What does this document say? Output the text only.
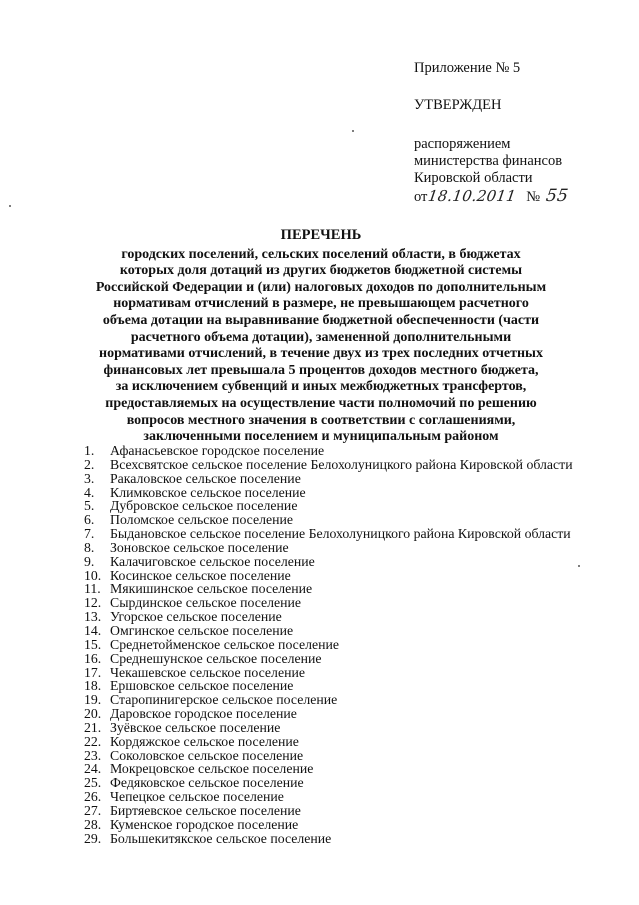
Приложение № 5
УТВЕРЖДЕН
распоряжением
министерства финансов
Кировской области
от 18.10.2011 № 55
ПЕРЕЧЕНЬ
городских поселений, сельских поселений области, в бюджетах
которых доля дотаций из других бюджетов бюджетной системы
Российской Федерации и (или) налоговых доходов по дополнительным
нормативам отчислений в размере, не превышающем расчетного
объема дотации на выравнивание бюджетной обеспеченности (части
расчетного объема дотации), замененной дополнительными
нормативами отчислений, в течение двух из трех последних отчетных
финансовых лет превышала 5 процентов доходов местного бюджета,
за исключением субвенций и иных межбюджетных трансфертов,
предоставляемых на осуществление части полномочий по решению
вопросов местного значения в соответствии с соглашениями,
заключенными поселением и муниципальным районом
1.	Афанасьевское городское поселение
2.	Всехсвятское сельское поселение Белохолуницкого района Кировской области
3.	Ракаловское сельское поселение
4.	Климковское сельское поселение
5.	Дубровское сельское поселение
6.	Поломское сельское поселение
7.	Быдановское сельское поселение Белохолуницкого района Кировской области
8.	Зоновское сельское поселение
9.	Калачиговское сельское поселение
10. Косинское сельское поселение
11. Мякишинское сельское поселение
12. Сырдинское сельское поселение
13. Угорское сельское поселение
14. Омгинское сельское поселение
15. Среднетойменское сельское поселение
16. Среднешунское сельское поселение
17. Чекашевское сельское поселение
18. Ершовское сельское поселение
19. Старопинигерское сельское поселение
20. Даровское городское поселение
21. Зуёвское сельское поселение
22. Кордяжское сельское поселение
23. Соколовское сельское поселение
24. Мокрецовское сельское поселение
25. Федяковское сельское поселение
26. Чепецкое сельское поселение
27. Биртяевское сельское поселение
28. Куменское городское поселение
29. Большекитякское сельское поселение
